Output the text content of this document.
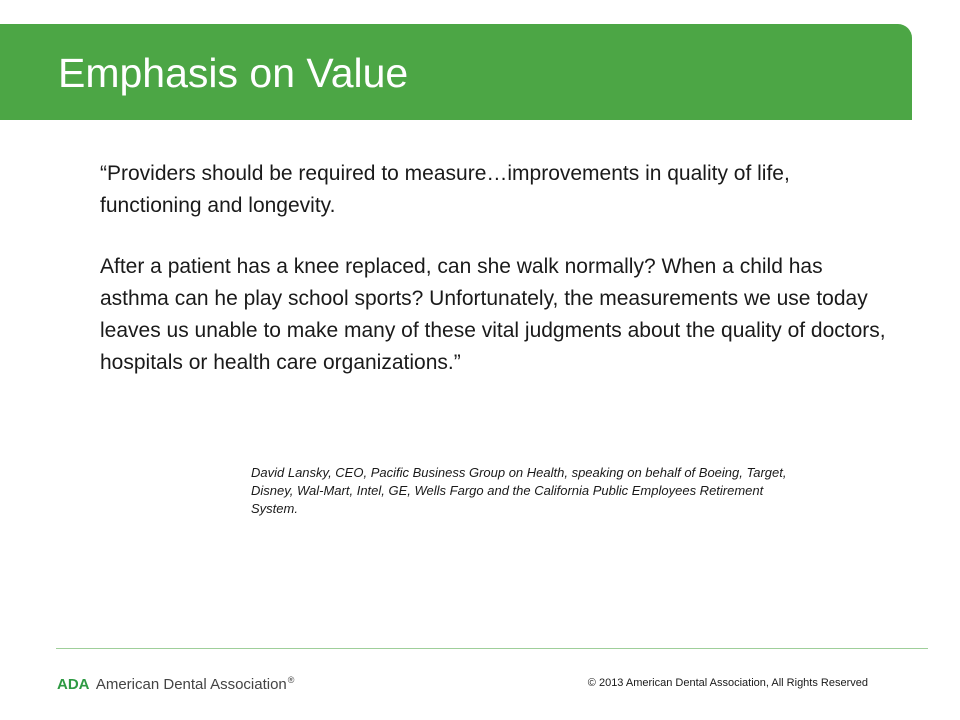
Emphasis on Value

“Providers should be required to measure…improvements in quality of life, functioning and longevity.

After a patient has a knee replaced, can she walk normally? When a child has asthma can he play school sports? Unfortunately, the measurements we use today leaves us unable to make many of these vital judgments about the quality of doctors, hospitals or health care organizations.”

David Lansky, CEO, Pacific Business Group on Health, speaking on behalf of Boeing, Target, Disney, Wal-Mart, Intel, GE, Wells Fargo and the California Public Employees Retirement System.
ADA American Dental Association®	© 2013 American Dental Association, All Rights Reserved
